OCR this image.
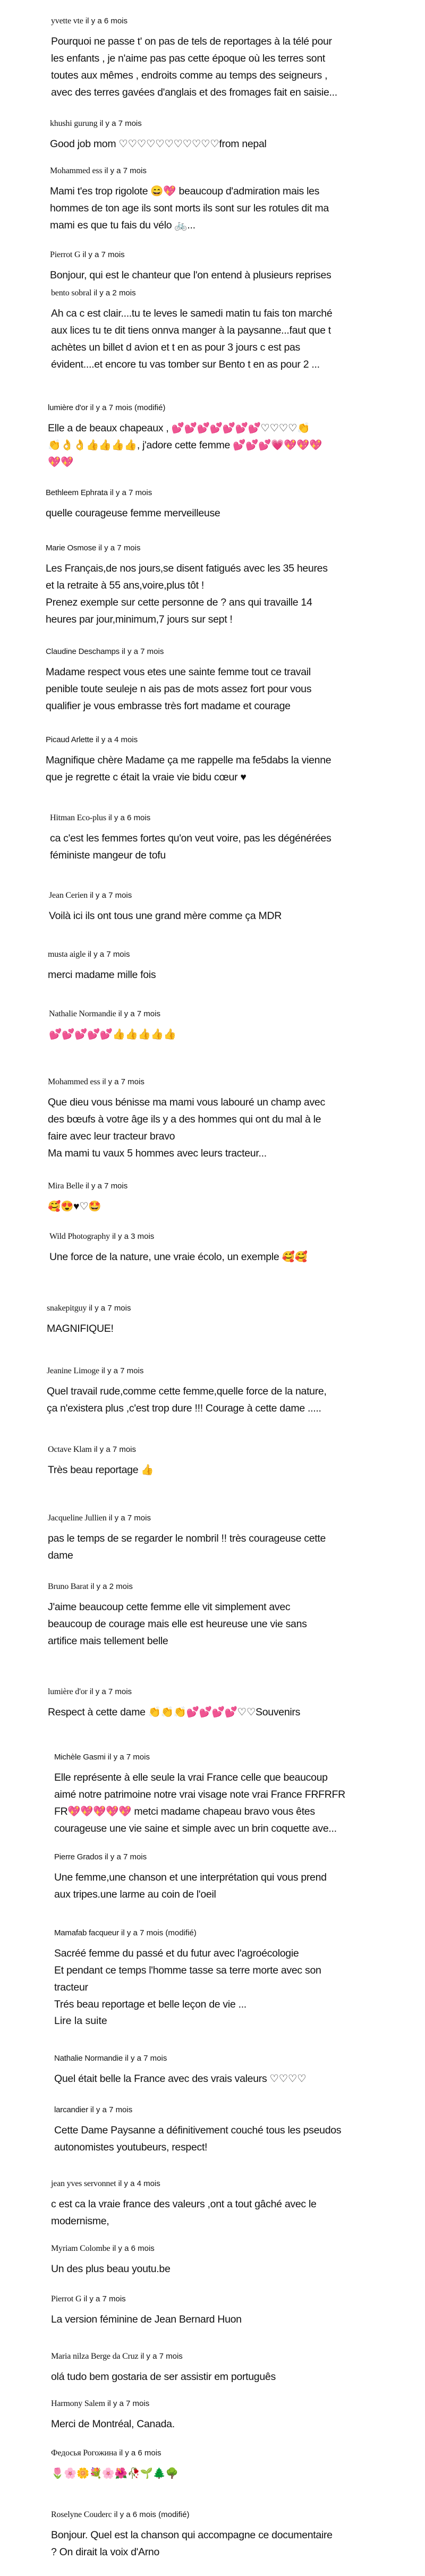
yvette vte il y a 6 mois

Pourquoi ne passe t' on pas de tels de reportages à la télé pour

les enfants , je n'aime pas pas cette époque où les terres sont

toutes aux mêmes , endroits comme au temps des seigneurs ,

avec des terres gavées d'anglais et des fromages fait en saisie...

khushi gurung il y a 7 mois

Good job mom ♡♡♡♡♡♡♡♡♡♡♡from nepal

Mohammed ess il y a 7 mois

Mami t'es trop rigolote 😄💖 beaucoup d'admiration mais les

hommes de ton age ils sont morts ils sont sur les rotules dit ma

mami es que tu fais du vélo 🚲...

Pierrot G il y a 7 mois

Bonjour, qui est le chanteur que l'on entend à plusieurs reprises

bento sobral il y a 2 mois

Ah ca c est clair....tu te leves le samedi matin tu fais ton marché

aux lices tu te dit tiens onnva manger à la paysanne...faut que t

achètes un billet d avion et t en as pour 3 jours c est pas

évident....et encore tu vas tomber sur Bento t en as pour 2 ...

lumière d'or il y a 7 mois (modifié)

Elle a de beaux chapeaux , 💕💕💕💕💕💕💕♡♡♡♡👏

👏👌👌👍👍👍👍, j'adore cette femme 💕💕💕💗💖💖💖

💖💖

Bethleem Ephrata il y a 7 mois

quelle courageuse femme merveilleuse

Marie Osmose il y a 7 mois

Les Français,de nos jours,se disent fatigués avec les 35 heures

et la retraite à 55 ans,voire,plus tôt !

Prenez exemple sur cette personne de ? ans qui travaille 14

heures par jour,minimum,7 jours sur sept !

Claudine Deschamps il y a 7 mois

Madame respect vous etes une sainte femme tout ce travail

penible toute seuleje n ais pas de mots assez fort pour vous

qualifier je vous embrasse très fort madame et courage

Picaud Arlette il y a 4 mois

Magnifique chère Madame ça me rappelle ma fe5dabs la vienne

que je regrette c était la vraie vie bidu cœur ♥

Hitman Eco-plus il y a 6 mois

ca c'est les femmes fortes qu'on veut voire, pas les dégénérées

féministe mangeur de tofu

Jean Cerien il y a 7 mois

Voilà ici ils ont tous une grand mère comme ça MDR

musta aigle il y a 7 mois

merci madame mille fois

Nathalie Normandie il y a 7 mois

💕💕💕💕💕👍👍👍👍👍

Mohammed ess il y a 7 mois

Que dieu vous bénisse ma mami vous labouré un champ avec

des bœufs à votre âge ils y a des hommes qui ont du mal à le

faire avec leur tracteur bravo

Ma mami tu vaux 5 hommes avec leurs tracteur...

Mira Belle il y a 7 mois

🥰😍♥♡🤩

Wild Photography il y a 3 mois

Une force de la nature, une vraie écolo, un exemple 🥰🥰

snakepitguy il y a 7 mois

MAGNIFIQUE!

Jeanine Limoge il y a 7 mois

Quel travail rude,comme cette femme,quelle force de la nature,

ça n'existera plus ,c'est trop dure !!! Courage à cette dame .....

Octave Klam il y a 7 mois

Très beau reportage 👍

Jacqueline Jullien il y a 7 mois

pas le temps de se regarder le nombril !! très courageuse cette

dame

Bruno Barat il y a 2 mois

J'aime beaucoup cette femme elle vit simplement avec

beaucoup de courage mais elle est heureuse une vie sans

artifice mais tellement belle

lumière d'or il y a 7 mois

Respect à cette dame 👏👏👏💕💕💕💕♡♡Souvenirs

Michèle Gasmi il y a 7 mois

Elle représente à elle seule la vrai France celle que beaucoup

aimé notre patrimoine notre vrai visage note vrai France FRFRFR

FR💖💖💖💖💖 metci madame chapeau bravo vous êtes

courageuse une vie saine et simple avec un brin coquette ave...

Pierre Grados il y a 7 mois

Une femme,une chanson et une interprétation qui vous prend

aux tripes.une larme au coin de l'oeil

Mamafab facqueur il y a 7 mois (modifié)

Sacréé femme du passé et du futur avec l'agroécologie

Et pendant ce temps l'homme tasse sa terre morte avec son

tracteur

Trés beau reportage et belle leçon de vie ...

Lire la suite
Nathalie Normandie il y a 7 mois

Quel était belle la France avec des vrais valeurs ♡♡♡♡

larcandier il y a 7 mois

Cette Dame Paysanne a définitivement couché tous les pseudos

autonomistes youtubeurs, respect!

jean yves servonnet il y a 4 mois

c est ca la vraie france des valeurs ,ont a tout gâché avec le

modernisme,

Myriam Colombe il y a 6 mois

Un des plus beau youtu.be

Pierrot G il y a 7 mois

La version féminine de Jean Bernard Huon

Maria nilza Berge da Cruz il y a 7 mois

olá tudo bem gostaria de ser assistir em português

Harmony Salem il y a 7 mois

Merci de Montréal, Canada.

Федосья Рогожина il y a 6 mois

🌷🌸🌼💐🌸🌺🥀🌱🌲🌳

Roselyne Couderc il y a 6 mois (modifié)

Bonjour. Quel est la chanson qui accompagne ce documentaire

? On dirait la voix d'Arno
